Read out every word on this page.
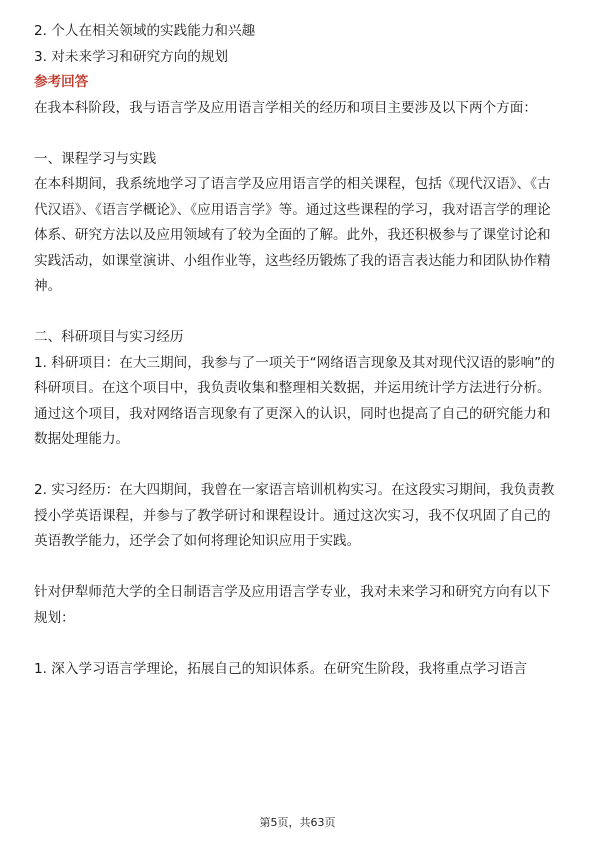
2. 个人在相关领域的实践能力和兴趣

3. 对未来学习和研究方向的规划

参考回答

在我本科阶段，我与语言学及应用语言学相关的经历和项目主要涉及以下两个方面：

一、课程学习与实践

在本科期间，我系统地学习了语言学及应用语言学的相关课程，包括《现代汉语》、《古代汉语》、《语言学概论》、《应用语言学》等。通过这些课程的学习，我对语言学的理论体系、研究方法以及应用领域有了较为全面的了解。此外，我还积极参与了课堂讨论和实践活动，如课堂演讲、小组作业等，这些经历锻炼了我的语言表达能力和团队协作精神。

二、科研项目与实习经历

1. 科研项目：在大三期间，我参与了一项关于“网络语言现象及其对现代汉语的影响”的科研项目。在这个项目中，我负责收集和整理相关数据，并运用统计学方法进行分析。通过这个项目，我对网络语言现象有了更深入的认识，同时也提高了自己的研究能力和数据处理能力。

2. 实习经历：在大四期间，我曾在一家语言培训机构实习。在这段实习期间，我负责教授小学英语课程，并参与了教学研讨和课程设计。通过这次实习，我不仅巩固了自己的英语教学能力，还学会了如何将理论知识应用于实践。

针对伊犁师范大学的全日制语言学及应用语言学专业，我对未来学习和研究方向有以下规划：

1. 深入学习语言学理论，拓展自己的知识体系。在研究生阶段，我将重点学习语言

第5页，共63页
